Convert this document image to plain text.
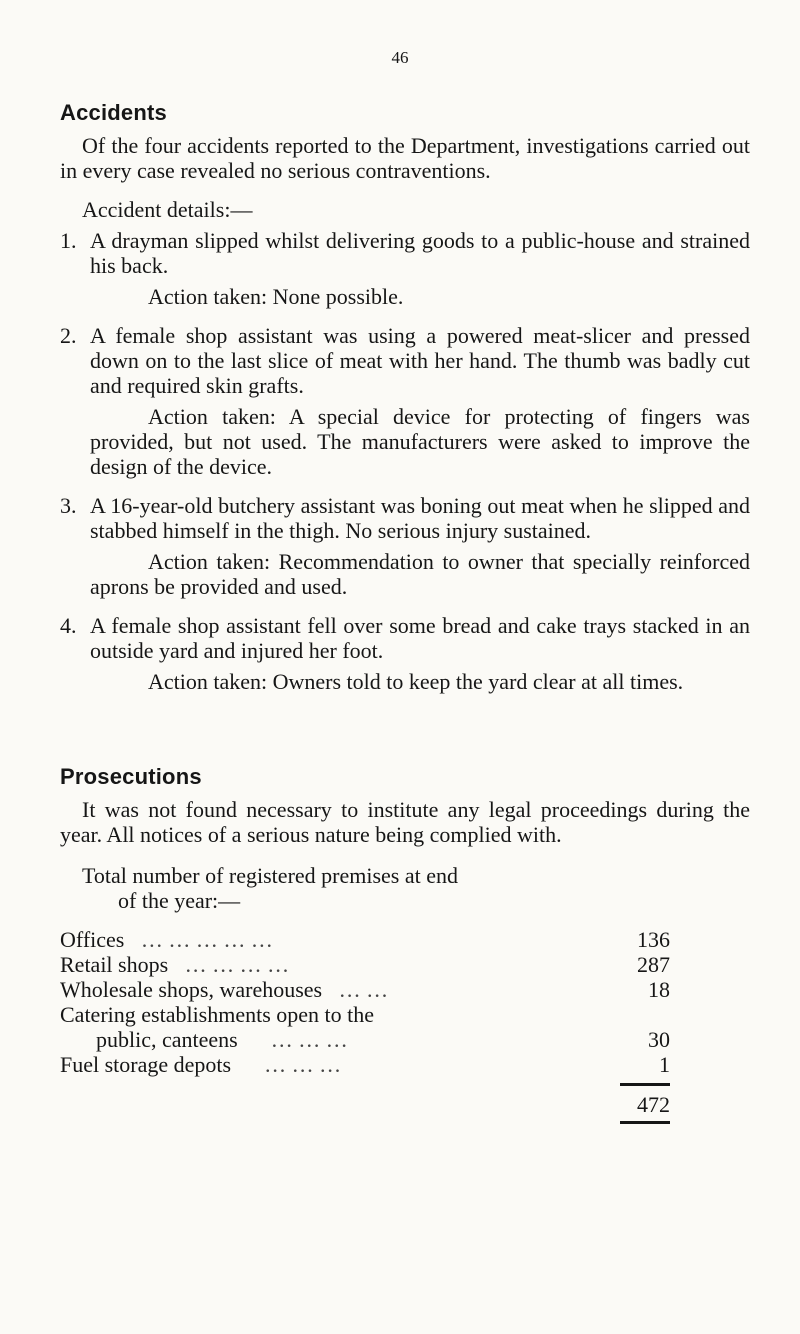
46
Accidents

Of the four accidents reported to the Department, investigations carried out in every case revealed no serious contraventions.

Accident details:—

1. A drayman slipped whilst delivering goods to a public-house and strained his back.

Action taken: None possible.

2. A female shop assistant was using a powered meat-slicer and pressed down on to the last slice of meat with her hand. The thumb was badly cut and required skin grafts.

Action taken: A special device for protecting of fingers was provided, but not used. The manufacturers were asked to improve the design of the device.

3. A 16-year-old butchery assistant was boning out meat when he slipped and stabbed himself in the thigh. No serious injury sustained.

Action taken: Recommendation to owner that specially reinforced aprons be provided and used.

4. A female shop assistant fell over some bread and cake trays stacked in an outside yard and injured her foot.

Action taken: Owners told to keep the yard clear at all times.

Prosecutions

It was not found necessary to institute any legal proceedings during the year. All notices of a serious nature being complied with.

Total number of registered premises at end

of the year:—

Offices … … … … …	136
Retail shops … … … …	287
Wholesale shops, warehouses … …	18
Catering establishments open to the
public, canteens … … …	30
Fuel storage depots … … …	1
472
